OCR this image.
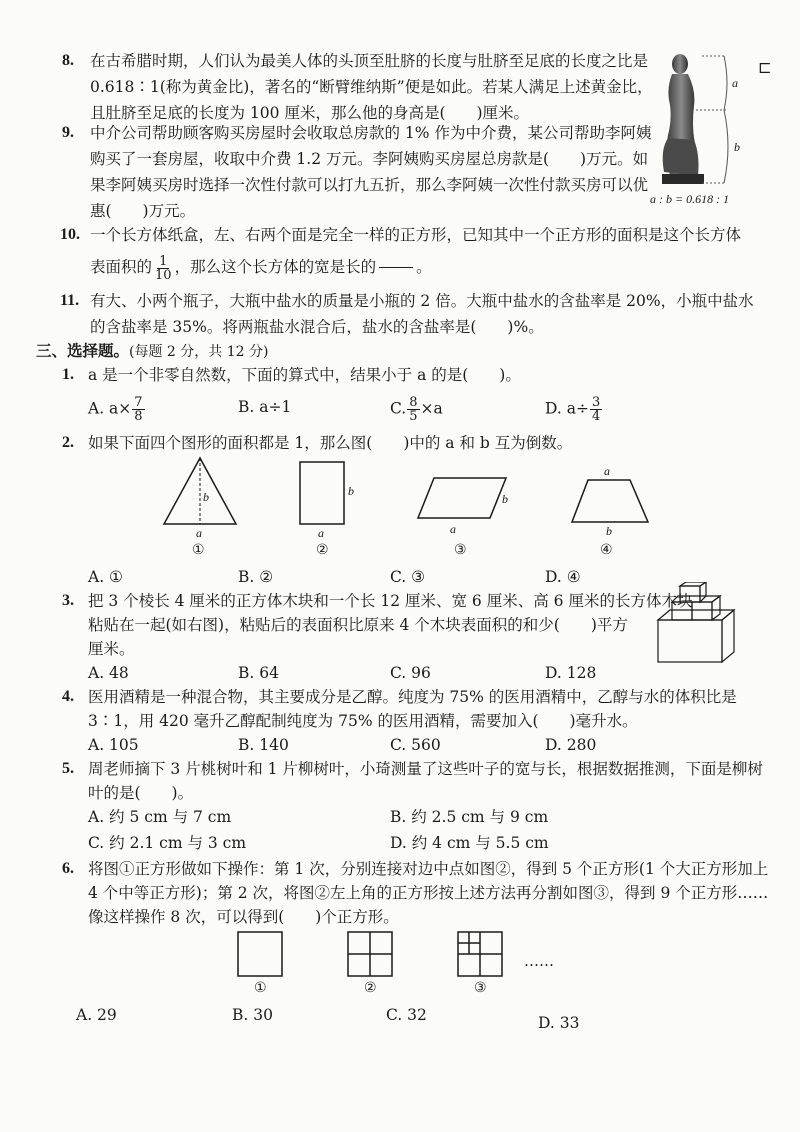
⊏
8. 在古希腊时期，人们认为最美人体的头顶至肚脐的长度与肚脐至足底的长度之比是
0.618∶1(称为黄金比)，著名的“断臂维纳斯”便是如此。若某人满足上述黄金比，
且肚脐至足底的长度为 100 厘米，那么他的身高是(　　)厘米。
a
b
a : b = 0.618 : 1
9. 中介公司帮助顾客购买房屋时会收取总房款的 1% 作为中介费，某公司帮助李阿姨
购买了一套房屋，收取中介费 1.2 万元。李阿姨购买房屋总房款是(　　)万元。如
果李阿姨买房时选择一次性付款可以打九五折，那么李阿姨一次性付款买房可以优
惠(　　)万元。
10. 一个长方体纸盒，左、右两个面是完全一样的正方形，已知其中一个正方形的面积是这个长方体
表面积的 $\frac{1}{10}$ ，那么这个长方体的宽是长的	。
11. 有大、小两个瓶子，大瓶中盐水的质量是小瓶的 2 倍。大瓶中盐水的含盐率是 20%，小瓶中盐水
的含盐率是 35%。将两瓶盐水混合后，盐水的含盐率是(　　)%。
三、选择题。(每题 2 分，共 12 分)
1. a 是一个非零自然数，下面的算式中，结果小于 a 的是(　　)。
A. $a\times \frac{7}{8}$	B. a÷1	C. $\frac{8}{5} \times a$	D. $a\div \frac{3}{4}$
2. 如果下面四个图形的面积都是 1，那么图(　　)中的 a 和 b 互为倒数。
b
a
①
b
a
②
b
a
③
a
b
④
A. ①	B. ②	C. ③	D. ④
3. 把 3 个棱长 4 厘米的正方体木块和一个长 12 厘米、宽 6 厘米、高 6 厘米的长方体木块
粘贴在一起(如右图)，粘贴后的表面积比原来 4 个木块表面积的和少(　　)平方
厘米。
A. 48	B. 64	C. 96	D. 128
4. 医用酒精是一种混合物，其主要成分是乙醇。纯度为 75% 的医用酒精中，乙醇与水的体积比是
3∶1，用 420 毫升乙醇配制纯度为 75% 的医用酒精，需要加入(　　)毫升水。
A. 105	B. 140	C. 560	D. 280
5. 周老师摘下 3 片桃树叶和 1 片柳树叶，小琦测量了这些叶子的宽与长，根据数据推测，下面是柳树
叶的是(　　)。
A. 约 5 cm 与 7 cm	B. 约 2.5 cm 与 9 cm
C. 约 2.1 cm 与 3 cm	D. 约 4 cm 与 5.5 cm
6. 将图①正方形做如下操作：第 1 次，分别连接对边中点如图②，得到 5 个正方形(1 个大正方形加上
4 个中等正方形)；第 2 次，将图②左上角的正方形按上述方法再分割如图③，得到 9 个正方形……
像这样操作 8 次，可以得到(　　)个正方形。
①	②	③
……
A. 29	B. 30	C. 32	D. 33
